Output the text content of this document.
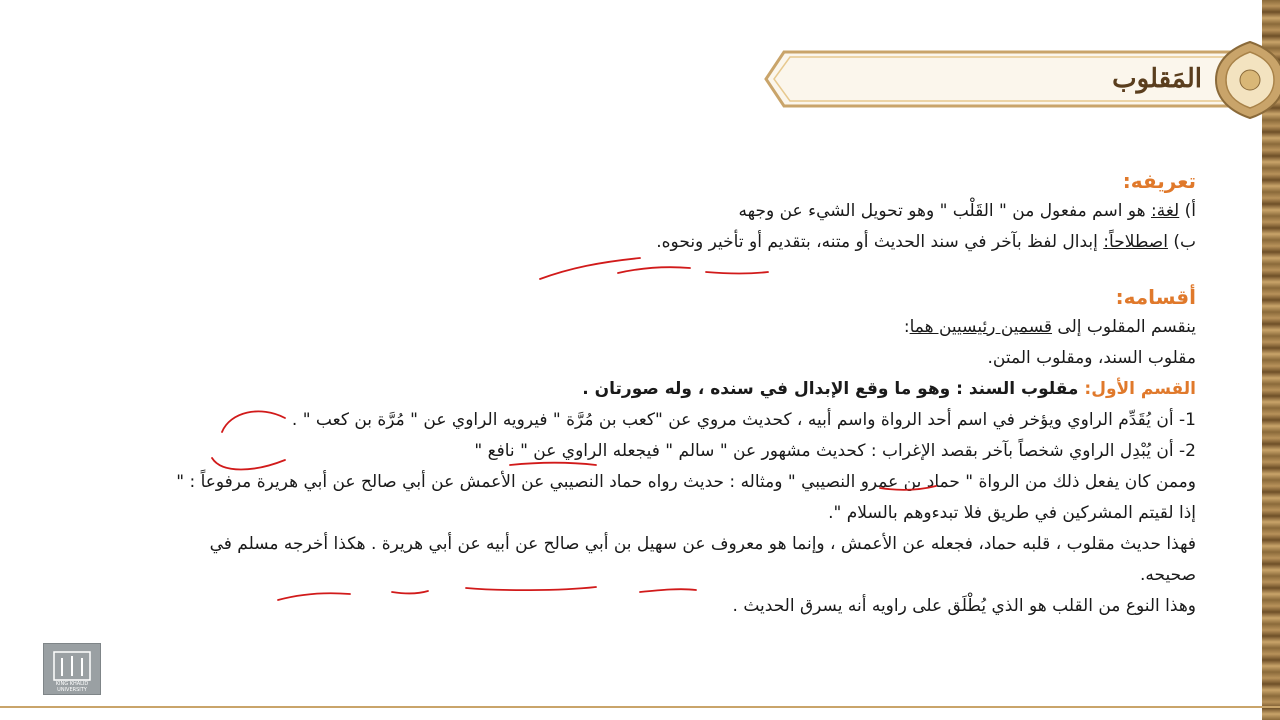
المَقلوب
تعريفه:
أ) لغة: هو اسم مفعول من " القَلْب " وهو تحويل الشيء عن وجهه
ب) اصطلاحاً: إبدال لفظ بآخر في سند الحديث أو متنه، بتقديم أو تأخير ونحوه.
أقسامه:
ينقسم المقلوب إلى قسمين رئيسيين هما:
مقلوب السند، ومقلوب المتن.
القسم الأول: مقلوب السند : وهو ما وقع الإبدال في سنده ، وله صورتان .
1- أن يُقَدِّم الراوي ويؤخر في اسم أحد الرواة واسم أبيه ، كحديث مروي عن "كعب بن مُرَّة " فيرويه الراوي عن " مُرَّة بن كعب " .
2- أن يُبْدِل الراوي شخصاً بآخر بقصد الإغراب : كحديث مشهور عن " سالم " فيجعله الراوي عن " نافع "
وممن كان يفعل ذلك من الرواة " حماد بن عمرو النصيبي " ومثاله : حديث رواه حماد النصيبي عن الأعمش عن أبي صالح عن أبي هريرة مرفوعاً : " إذا لقيتم المشركين في طريق فلا تبدءوهم بالسلام ".
فهذا حديث مقلوب ، قلبه حماد، فجعله عن الأعمش ، وإنما هو معروف عن سهيل بن أبي صالح عن أبيه عن أبي هريرة . هكذا أخرجه مسلم في صحيحه.
وهذا النوع من القلب هو الذي يُطْلَق على راويه أنه يسرق الحديث .
KING KHALID UNIVERSITY
